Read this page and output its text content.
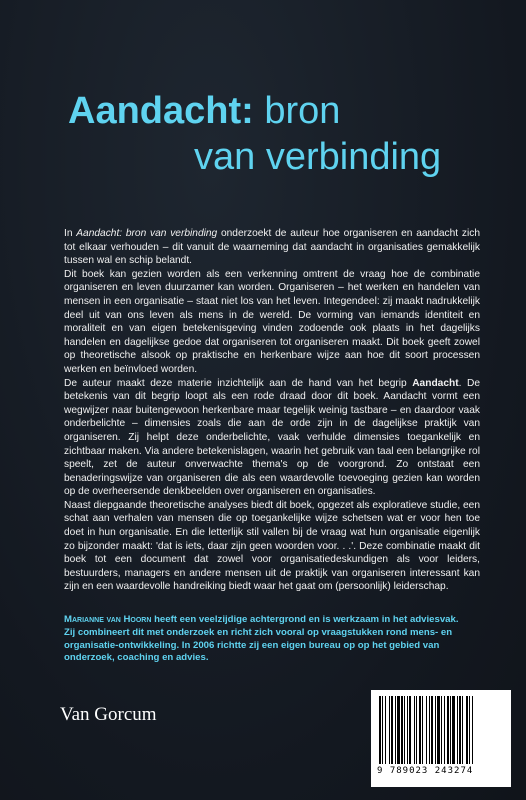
Aandacht: bron
van verbinding

In Aandacht: bron van verbinding onderzoekt de auteur hoe organiseren en aandacht zich tot elkaar verhouden – dit vanuit de waarneming dat aandacht in organisaties gemakkelijk tussen wal en schip belandt.

Dit boek kan gezien worden als een verkenning omtrent de vraag hoe de combinatie organiseren en leven duurzamer kan worden. Organiseren – het werken en handelen van mensen in een organisatie – staat niet los van het leven. Integendeel: zij maakt nadrukkelijk deel uit van ons leven als mens in de wereld. De vorming van iemands identiteit en moraliteit en van eigen betekenisgeving vinden zodoende ook plaats in het dagelijks handelen en dagelijkse gedoe dat organiseren tot organiseren maakt. Dit boek geeft zowel op theoretische alsook op praktische en herkenbare wijze aan hoe dit soort processen werken en beïnvloed worden.

De auteur maakt deze materie inzichtelijk aan de hand van het begrip Aandacht. De betekenis van dit begrip loopt als een rode draad door dit boek. Aandacht vormt een wegwijzer naar buitengewoon herkenbare maar tegelijk weinig tastbare – en daardoor vaak onderbelichte – dimensies zoals die aan de orde zijn in de dagelijkse praktijk van organiseren. Zij helpt deze onderbelichte, vaak verhulde dimensies toegankelijk en zichtbaar maken. Via andere betekenislagen, waarin het gebruik van taal een belangrijke rol speelt, zet de auteur onverwachte thema's op de voorgrond. Zo ontstaat een benaderingswijze van organiseren die als een waardevolle toevoeging gezien kan worden op de overheersende denkbeelden over organiseren en organisaties.

Naast diepgaande theoretische analyses biedt dit boek, opgezet als exploratieve studie, een schat aan verhalen van mensen die op toegankelijke wijze schetsen wat er voor hen toe doet in hun organisatie. En die letterlijk stil vallen bij de vraag wat hun organisatie eigenlijk zo bijzonder maakt: 'dat is iets, daar zijn geen woorden voor. . .'. Deze combinatie maakt dit boek tot een document dat zowel voor organisatiedeskundigen als voor leiders, bestuurders, managers en andere mensen uit de praktijk van organiseren interessant kan zijn en een waardevolle handreiking biedt waar het gaat om (persoonlijk) leiderschap.

Marianne van Hoorn heeft een veelzijdige achtergrond en is werkzaam in het adviesvak.

Zij combineert dit met onderzoek en richt zich vooral op vraagstukken rond mens- en organisatie-ontwikkeling. In 2006 richtte zij een eigen bureau op op het gebied van onderzoek, coaching en advies.

Van Gorcum
9 789023 243274
